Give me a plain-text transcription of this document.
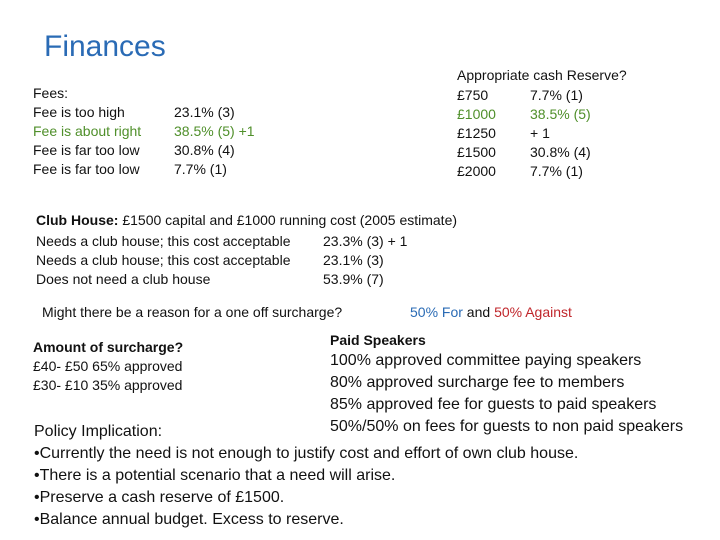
Finances
Fees:
Fee is too high
Fee is about right
Fee is far too low
Fee is far too low
23.1% (3)
38.5% (5) +1
30.8% (4)
7.7% (1)
Appropriate cash Reserve?
£750
£1000
£1250
£1500
£2000
7.7% (1)
38.5% (5)
+ 1
30.8% (4)
7.7% (1)
Club House: £1500 capital and £1000 running cost (2005 estimate)
Needs a club house; this cost acceptable
Needs a club house; this cost acceptable
Does not need a club house
23.3% (3) + 1
23.1% (3)
53.9% (7)
Might there be a reason for a one off surcharge?	50% For and 50% Against
Amount of surcharge?
£40- £50 65% approved
£30- £10 35% approved
Paid Speakers
100% approved committee paying speakers
80% approved surcharge fee to members
85% approved fee for guests to paid speakers
50%/50% on fees for guests to non paid speakers
Policy Implication:
•Currently the need is not enough to justify cost and effort of own club house.
•There is a potential scenario that a need will arise.
•Preserve a cash reserve of £1500.
•Balance annual budget. Excess to reserve.
